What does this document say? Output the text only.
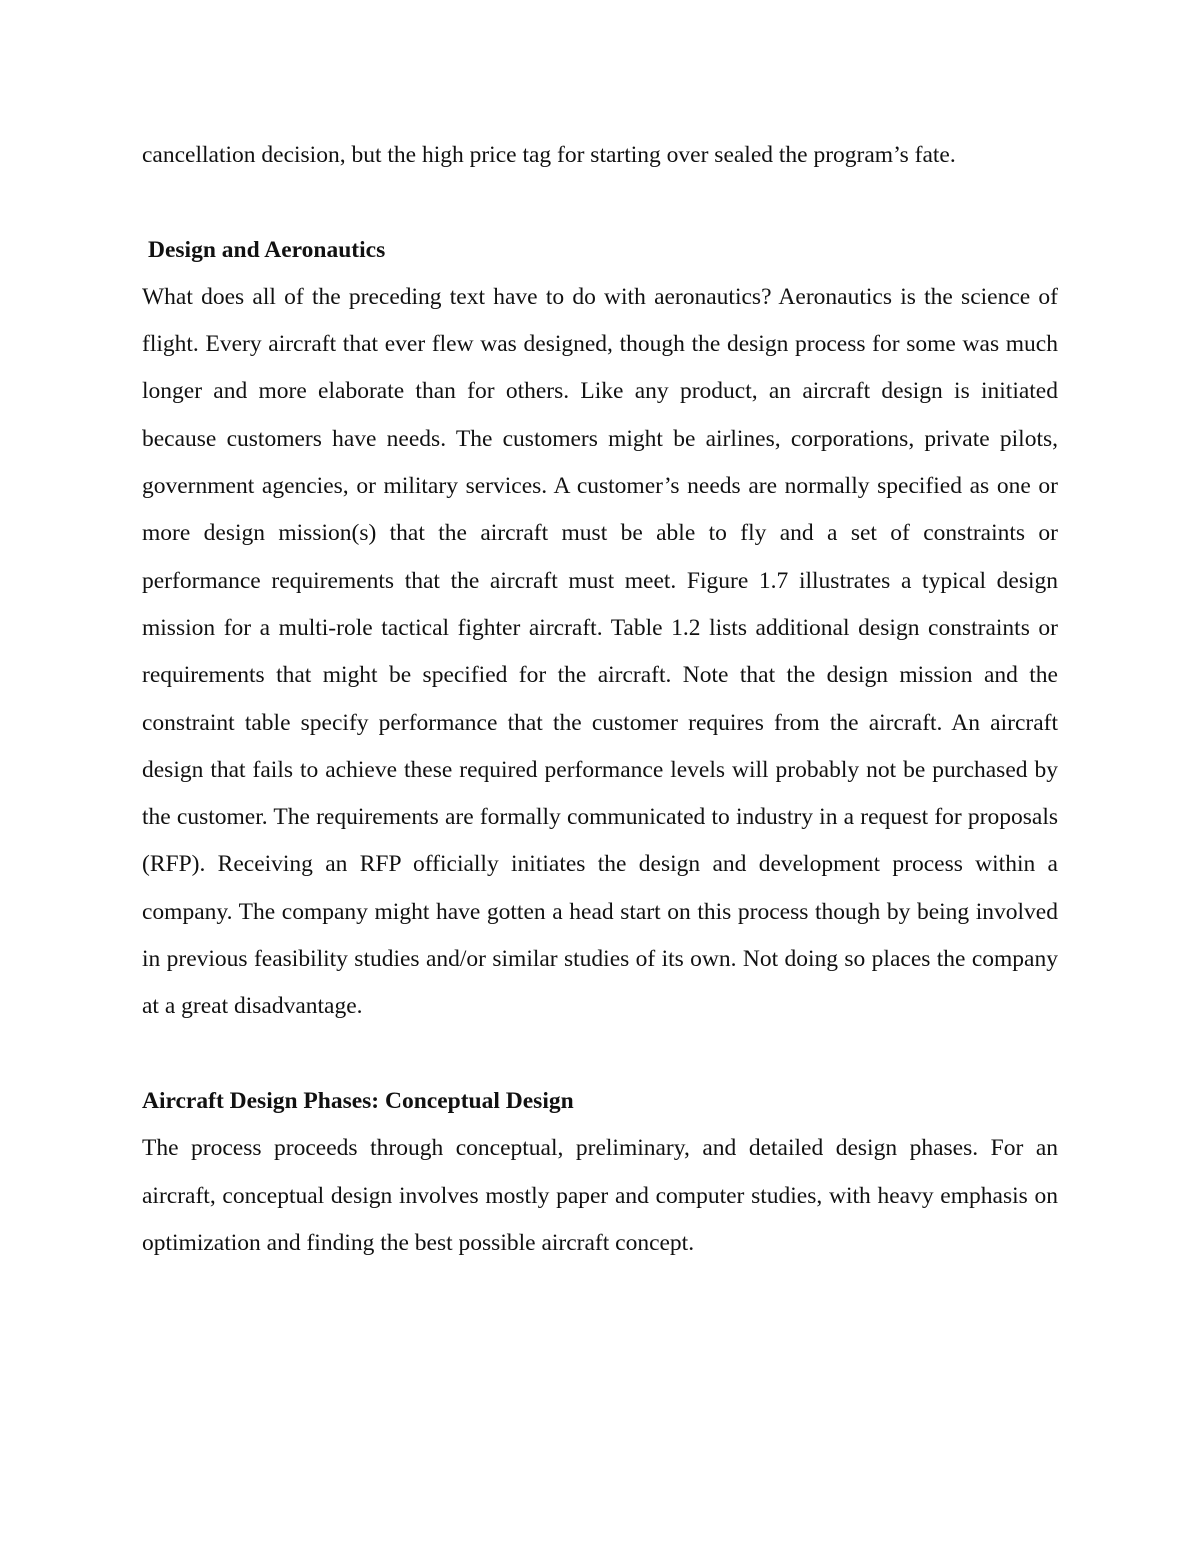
cancellation decision, but the high price tag for starting over sealed the program’s fate.

Design and Aeronautics

What does all of the preceding text have to do with aeronautics? Aeronautics is the science of flight. Every aircraft that ever flew was designed, though the design process for some was much longer and more elaborate than for others. Like any product, an aircraft design is initiated because customers have needs. The customers might be airlines, corporations, private pilots, government agencies, or military services. A customer’s needs are normally specified as one or more design mission(s) that the aircraft must be able to fly and a set of constraints or performance requirements that the aircraft must meet. Figure 1.7 illustrates a typical design mission for a multi-role tactical fighter aircraft. Table 1.2 lists additional design constraints or requirements that might be specified for the aircraft. Note that the design mission and the constraint table specify performance that the customer requires from the aircraft. An aircraft design that fails to achieve these required performance levels will probably not be purchased by the customer. The requirements are formally communicated to industry in a request for proposals (RFP). Receiving an RFP officially initiates the design and development process within a company. The company might have gotten a head start on this process though by being involved in previous feasibility studies and/or similar studies of its own. Not doing so places the company at a great disadvantage.

Aircraft Design Phases: Conceptual Design

The process proceeds through conceptual, preliminary, and detailed design phases. For an aircraft, conceptual design involves mostly paper and computer studies, with heavy emphasis on optimization and finding the best possible aircraft concept.
